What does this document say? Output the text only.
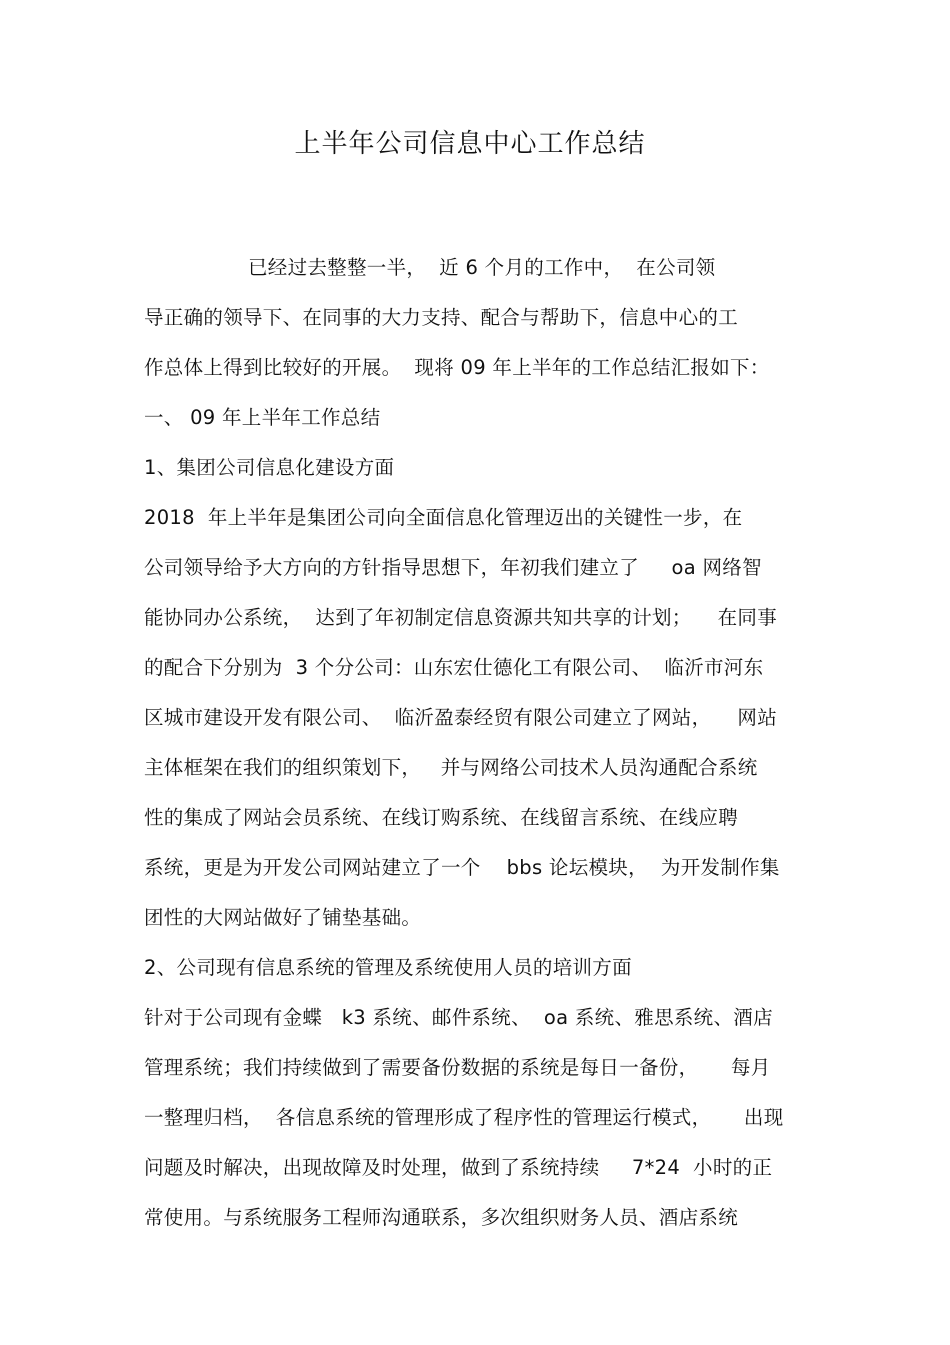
上半年公司信息中心工作总结
已经过去整整一半，  近 6 个月的工作中，  在公司领
导正确的领导下、在同事的大力支持、配合与帮助下，信息中心的工
作总体上得到比较好的开展。  现将 09 年上半年的工作总结汇报如下：
一、 09 年上半年工作总结
1、集团公司信息化建设方面
2018  年上半年是集团公司向全面信息化管理迈出的关键性一步，在
公司领导给予大方向的方针指导思想下，年初我们建立了     oa 网络智
能协同办公系统，  达到了年初制定信息资源共知共享的计划；    在同事
的配合下分别为  3 个分公司：山东宏仕德化工有限公司、  临沂市河东
区城市建设开发有限公司、  临沂盈泰经贸有限公司建立了网站，    网站
主体框架在我们的组织策划下，   并与网络公司技术人员沟通配合系统
性的集成了网站会员系统、在线订购系统、在线留言系统、在线应聘
系统，更是为开发公司网站建立了一个    bbs 论坛模块，  为开发制作集
团性的大网站做好了铺垫基础。
2、公司现有信息系统的管理及系统使用人员的培训方面
针对于公司现有金蝶   k3 系统、邮件系统、  oa 系统、雅思系统、酒店
管理系统；我们持续做到了需要备份数据的系统是每日一备份，     每月
一整理归档，  各信息系统的管理形成了程序性的管理运行模式，     出现
问题及时解决，出现故障及时处理，做到了系统持续     7*24  小时的正
常使用。与系统服务工程师沟通联系，多次组织财务人员、酒店系统
